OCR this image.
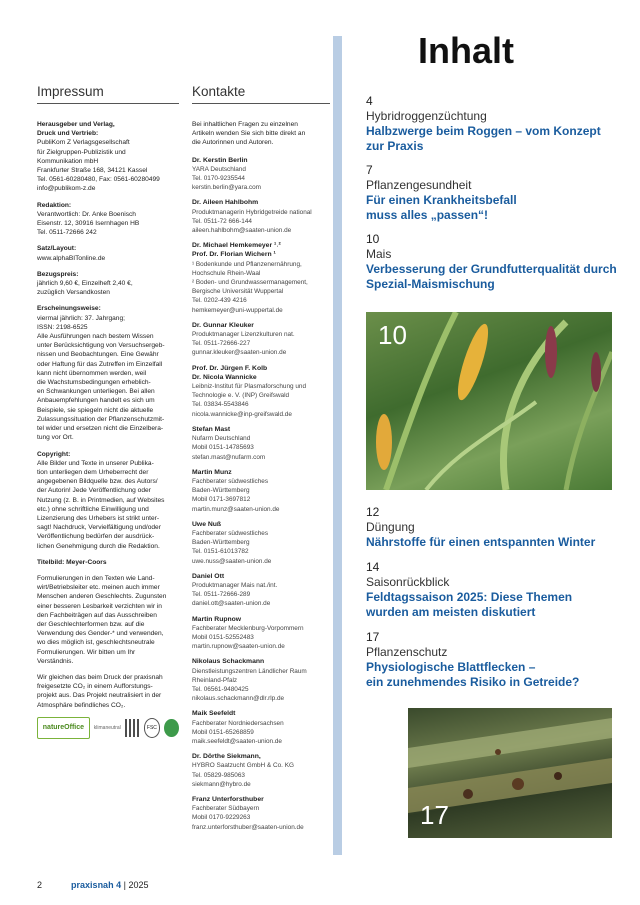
Impressum
Herausgeber und Verlag,
Druck und Vertrieb:
PubliKom Z Verlagsgesellschaft
für Zielgruppen-Publizistik und
Kommunikation mbH
Frankfurter Straße 168, 34121 Kassel
Tel. 0561-60280480, Fax: 0561-60280499
info@publikom-z.de
Redaktion:
Verantwortlich: Dr. Anke Boenisch
Eisenstr. 12, 30916 Isernhagen HB
Tel. 0511-72666 242
Satz/Layout:
www.alphaBITonline.de
Bezugspreis:
jährlich 9,60 €, Einzelheft 2,40 €,
zuzüglich Versandkosten
Erscheinungsweise:
viermal jährlich: 37. Jahrgang;
ISSN: 2198-6525
Alle Ausführungen nach bestem Wissen
unter Berücksichtigung von Versuchsergeb-
nissen und Beobachtungen. Eine Gewähr
oder Haftung für das Zutreffen im Einzelfall
kann nicht übernommen werden, weil
die Wachstumsbedingungen erheblich-
en Schwankungen unterliegen. Bei allen
Anbauempfehlungen handelt es sich um
Beispiele, sie spiegeln nicht die aktuelle
Zulassungssituation der Pflanzenschutzmit-
tel wider und ersetzen nicht die Einzelbera-
tung vor Ort.
Copyright:
Alle Bilder und Texte in unserer Publika-
tion unterliegen dem Urheberrecht der
angegebenen Bildquelle bzw. des Autors/
der Autorin! Jede Veröffentlichung oder
Nutzung (z. B. in Printmedien, auf Websites
etc.) ohne schriftliche Einwilligung und
Lizenzierung des Urhebers ist strikt unter-
sagt! Nachdruck, Vervielfältigung und/oder
Veröffentlichung bedürfen der ausdrück-
lichen Genehmigung durch die Redaktion.
Titelbild: Meyer-Coors
Formulierungen in den Texten wie Land-
wirt/Betriebsleiter etc. meinen auch immer
Menschen anderen Geschlechts. Zugunsten
einer besseren Lesbarkeit verzichten wir in
den Fachbeiträgen auf das Ausschreiben
der Geschlechterformen bzw. auf die
Verwendung des Gender-* und verwenden,
wo dies möglich ist, geschlechtsneutrale
Formulierungen. Wir bitten um Ihr
Verständnis.
Wir gleichen das beim Druck der praxisnah
freigesetzte CO₂ in einem Aufforstungs-
projekt aus. Das Projekt neutralisiert in der
Atmosphäre befindliches CO₂.
natureOffice	klimaneutral	FSC
Kontakte
Bei inhaltlichen Fragen zu einzelnen
Artikeln wenden Sie sich bitte direkt an
die Autorinnen und Autoren.
Dr. Kerstin Berlin
YARA Deutschland
Tel. 0170-9235544
kerstin.berlin@yara.com
Dr. Aileen Hahlbohm
Produktmanagerin Hybridgetreide national
Tel. 0511-72 666-144
aileen.hahlbohm@saaten-union.de
Dr. Michael Hemkemeyer ¹˒²
Prof. Dr. Florian Wichern ¹
¹ Bodenkunde und Pflanzenernährung,
Hochschule Rhein-Waal
² Boden- und Grundwassermanagement,
Bergische Universität Wuppertal
Tel. 0202-439 4216
hemkemeyer@uni-wuppertal.de
Dr. Gunnar Kleuker
Produktmanager Lizenzkulturen nat.
Tel. 0511-72666-227
gunnar.kleuker@saaten-union.de
Prof. Dr. Jürgen F. Kolb
Dr. Nicola Wannicke
Leibniz-Institut für Plasmaforschung und
Technologie e. V. (INP) Greifswald
Tel. 03834-5543846
nicola.wannicke@inp-greifswald.de
Stefan Mast
Nufarm Deutschland
Mobil 0151-14785693
stefan.mast@nufarm.com
Martin Munz
Fachberater südwestliches
Baden-Württemberg
Mobil 0171-3697812
martin.munz@saaten-union.de
Uwe Nuß
Fachberater südwestliches
Baden-Württemberg
Tel. 0151-61013782
uwe.nuss@saaten-union.de
Daniel Ott
Produktmanager Mais nat./int.
Tel. 0511-72666-289
daniel.ott@saaten-union.de
Martin Rupnow
Fachberater Mecklenburg-Vorpommern
Mobil 0151-52552483
martin.rupnow@saaten-union.de
Nikolaus Schackmann
Dienstleistungszentren Ländlicher Raum
Rheinland-Pfalz
Tel. 06561-9480425
nikolaus.schackmann@dlr.rlp.de
Maik Seefeldt
Fachberater Nordniedersachsen
Mobil 0151-65268859
maik.seefeldt@saaten-union.de
Dr. Dörthe Siekmann,
HYBRO Saatzucht GmbH & Co. KG
Tel. 05829-985063
siekmann@hybro.de
Franz Unterforsthuber
Fachberater Südbayern
Mobil 0170-9229263
franz.unterforsthuber@saaten-union.de
Inhalt
4
Hybridroggenzüchtung
Halbzwerge beim Roggen – vom Konzept
zur Praxis
7
Pflanzengesundheit
Für einen Krankheitsbefall
muss alles „passen“!
10
Mais
Verbesserung der Grundfutterqualität durch
Spezial-Maismischung
10
12
Düngung
Nährstoffe für einen entspannten Winter
14
Saisonrückblick
Feldtagssaison 2025: Diese Themen
wurden am meisten diskutiert
17
Pflanzenschutz
Physiologische Blattflecken –
ein zunehmendes Risiko in Getreide?
17
2	praxisnah 4 | 2025
